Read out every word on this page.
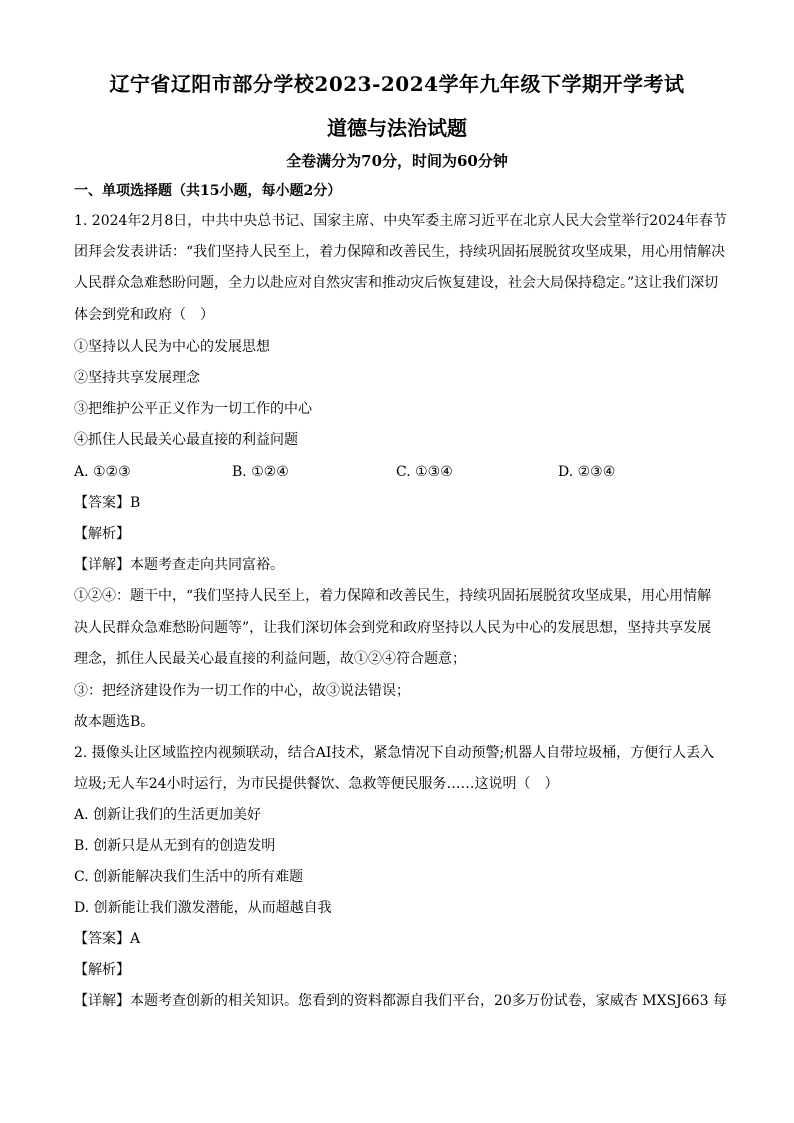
辽宁省辽阳市部分学校2023-2024学年九年级下学期开学考试
道德与法治试题
全卷满分为70分，时间为60分钟
一、单项选择题（共15小题，每小题2分）
1. 2024年2月8日，中共中央总书记、国家主席、中央军委主席习近平在北京人民大会堂举行2024年春节
团拜会发表讲话：“我们坚持人民至上，着力保障和改善民生，持续巩固拓展脱贫攻坚成果，用心用情解决
人民群众急难愁盼问题，全力以赴应对自然灾害和推动灾后恢复建设，社会大局保持稳定。”这让我们深切
体会到党和政府（　）
①坚持以人民为中心的发展思想
②坚持共享发展理念
③把维护公平正义作为一切工作的中心
④抓住人民最关心最直接的利益问题
A. ①②③	B. ①②④	C. ①③④	D. ②③④
【答案】B
【解析】
【详解】本题考查走向共同富裕。
①②④：题干中，“我们坚持人民至上，着力保障和改善民生，持续巩固拓展脱贫攻坚成果，用心用情解
决人民群众急难愁盼问题等”，让我们深切体会到党和政府坚持以人民为中心的发展思想，坚持共享发展
理念，抓住人民最关心最直接的利益问题，故①②④符合题意；
③：把经济建设作为一切工作的中心，故③说法错误；
故本题选B。
2. 摄像头让区域监控内视频联动，结合AI技术，紧急情况下自动预警;机器人自带垃圾桶，方便行人丢入
垃圾;无人车24小时运行，为市民提供餐饮、急救等便民服务……这说明（　）
A. 创新让我们的生活更加美好
B. 创新只是从无到有的创造发明
C. 创新能解决我们生活中的所有难题
D. 创新能让我们激发潜能，从而超越自我
【答案】A
【解析】
【详解】本题考查创新的相关知识。您看到的资料都源自我们平台，20多万份试卷，家威杏 MXSJ663 每
